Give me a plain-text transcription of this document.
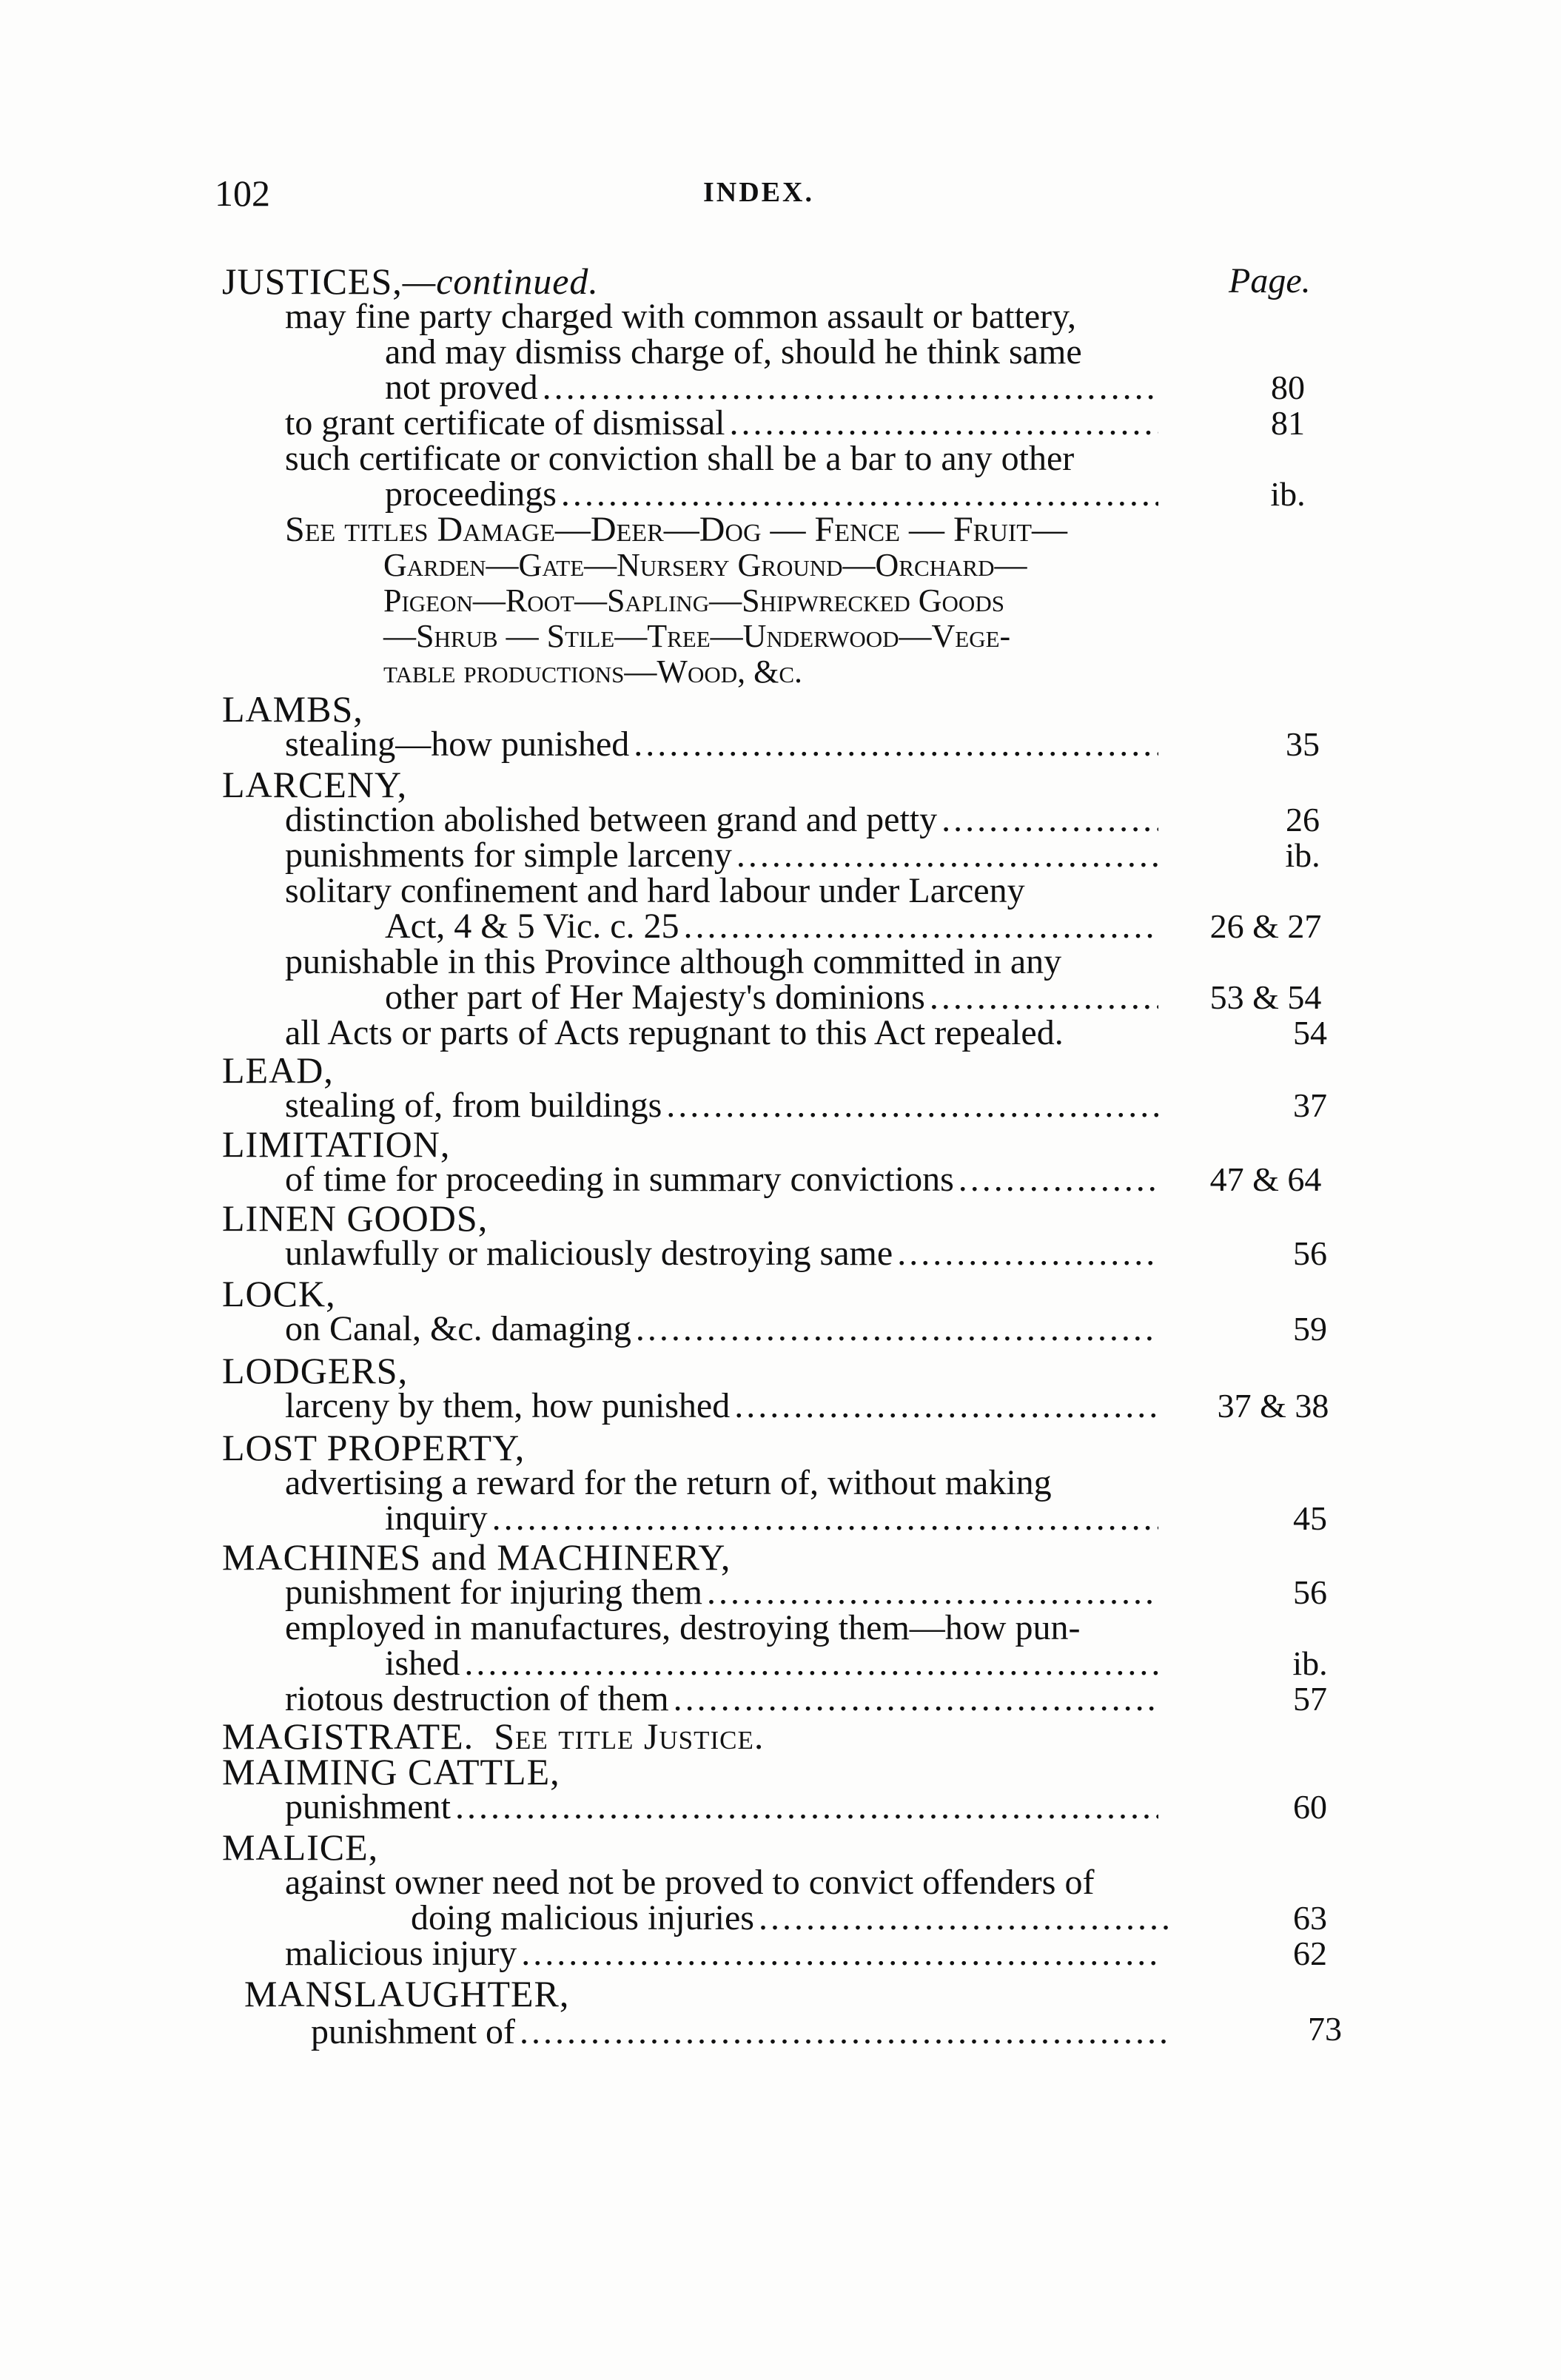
102	INDEX.
JUSTICES,—continued.	Page.
may fine party charged with common assault or battery,
and may dismiss charge of, should he think same
not proved .....	80
to grant certificate of dismissal .....	81
such certificate or conviction shall be a bar to any other
proceedings .....	ib.
See titles Damage—Deer—Dog — Fence — Fruit—
Garden—Gate—Nursery Ground—Orchard—
Pigeon—Root—Sapling—Shipwrecked Goods
—Shrub — Stile—Tree—Underwood—Vege-
table productions—Wood, &c.
LAMBS,
stealing—how punished .....	35
LARCENY,
distinction abolished between grand and petty .....	26
punishments for simple larceny .....	ib.
solitary confinement and hard labour under Larceny
Act, 4 & 5 Vic. c. 25 .....	26 & 27
punishable in this Province although committed in any
other part of Her Majesty's dominions .....	53 & 54
all Acts or parts of Acts repugnant to this Act repealed.	54
LEAD,
stealing of, from buildings .....	37
LIMITATION,
of time for proceeding in summary convictions .....	47 & 64
LINEN GOODS,
unlawfully or maliciously destroying same .....	56
LOCK,
on Canal, &c. damaging .....	59
LODGERS,
larceny by them, how punished .....	37 & 38
LOST PROPERTY,
advertising a reward for the return of, without making
inquiry .....	45
MACHINES and MACHINERY,
punishment for injuring them .....	56
employed in manufactures, destroying them—how pun-
ished .....	ib.
riotous destruction of them .....	57
MAGISTRATE. See title Justice.
MAIMING CATTLE,
punishment .....	60
MALICE,
against owner need not be proved to convict offenders of
doing malicious injuries .....	63
malicious injury .....	62
MANSLAUGHTER,
punishment of .....	73
